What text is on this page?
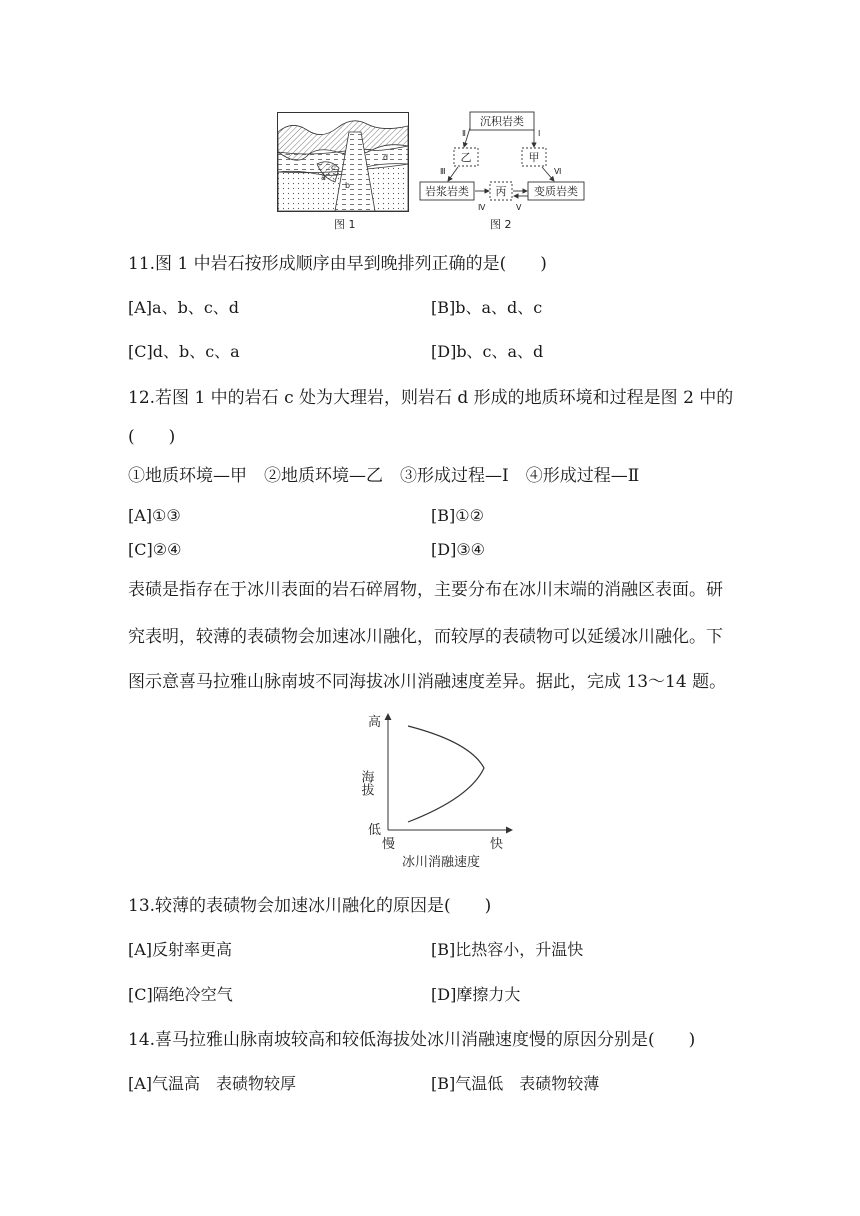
a
b
c
d
图 1
沉积岩类
乙	甲
岩浆岩类 丙	变质岩类
Ⅱ	Ⅰ
Ⅲ	Ⅵ
Ⅳ	Ⅴ
图 2
11.图 1 中岩石按形成顺序由早到晚排列正确的是(　　)
[A]a、b、c、d	[B]b、a、d、c
[C]d、b、c、a	[D]b、c、a、d
12.若图 1 中的岩石 c 处为大理岩，则岩石 d 形成的地质环境和过程是图 2 中的
(　　)
①地质环境—甲　②地质环境—乙　③形成过程—Ⅰ　④形成过程—Ⅱ
[A]①③	[B]①②
[C]②④	[D]③④
表碛是指存在于冰川表面的岩石碎屑物，主要分布在冰川末端的消融区表面。研
究表明，较薄的表碛物会加速冰川融化，而较厚的表碛物可以延缓冰川融化。下
图示意喜马拉雅山脉南坡不同海拔冰川消融速度差异。据此，完成 13～14 题。
高
低
海拔
慢	快
冰川消融速度
13.较薄的表碛物会加速冰川融化的原因是(　　)
[A]反射率更高	[B]比热容小，升温快
[C]隔绝冷空气	[D]摩擦力大
14.喜马拉雅山脉南坡较高和较低海拔处冰川消融速度慢的原因分别是(　　)
[A]气温高　表碛物较厚	[B]气温低　表碛物较薄
